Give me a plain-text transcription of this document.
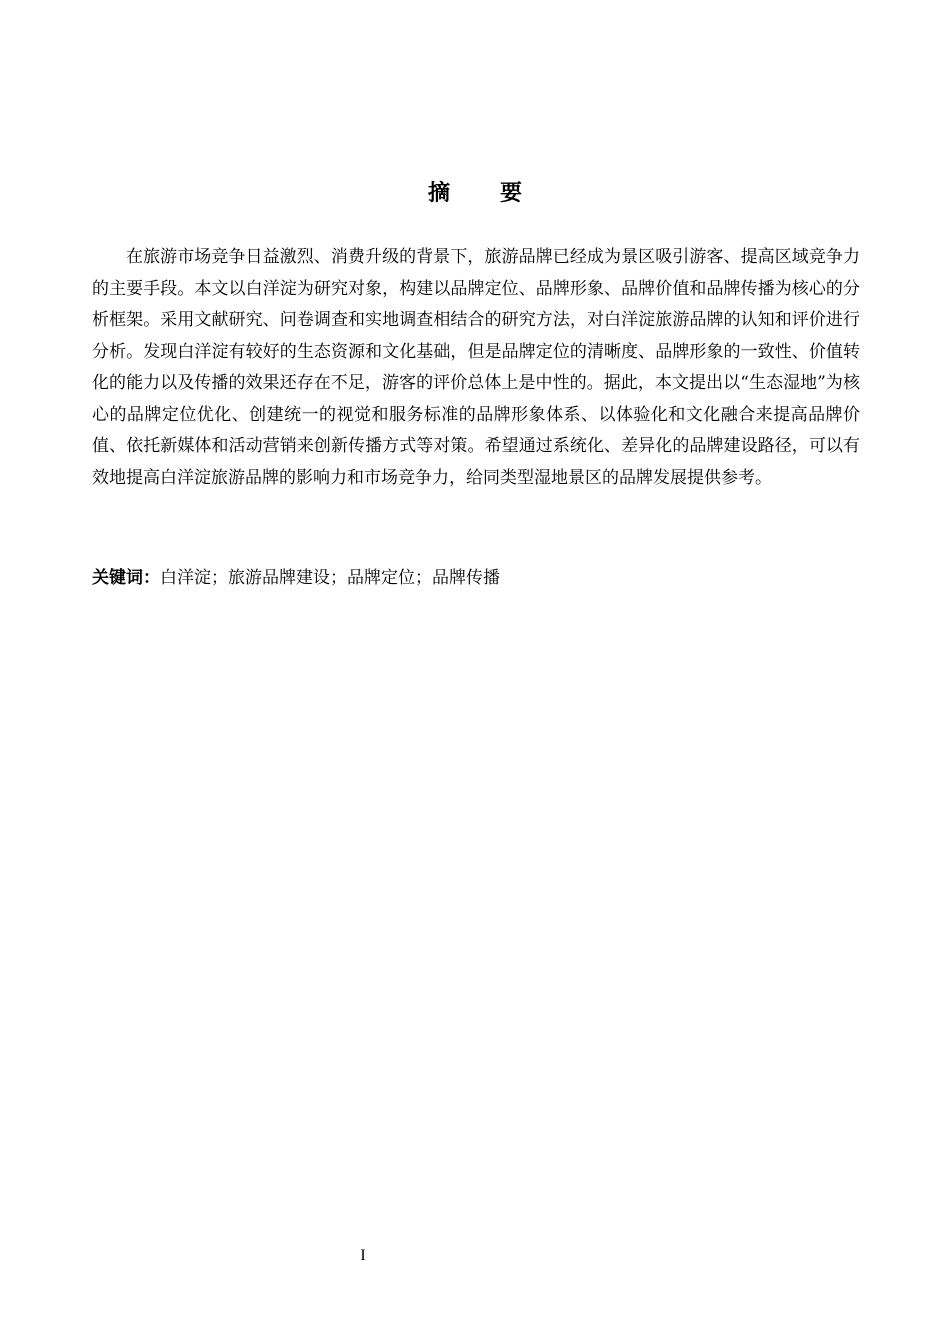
摘 要

在旅游市场竞争日益激烈、消费升级的背景下，旅游品牌已经成为景区吸引游客、提高区域竞争力的主要手段。本文以白洋淀为研究对象，构建以品牌定位、品牌形象、品牌价值和品牌传播为核心的分析框架。采用文献研究、问卷调查和实地调查相结合的研究方法，对白洋淀旅游品牌的认知和评价进行分析。发现白洋淀有较好的生态资源和文化基础，但是品牌定位的清晰度、品牌形象的一致性、价值转化的能力以及传播的效果还存在不足，游客的评价总体上是中性的。据此，本文提出以“生态湿地”为核心的品牌定位优化、创建统一的视觉和服务标准的品牌形象体系、以体验化和文化融合来提高品牌价值、依托新媒体和活动营销来创新传播方式等对策。希望通过系统化、差异化的品牌建设路径，可以有效地提高白洋淀旅游品牌的影响力和市场竞争力，给同类型湿地景区的品牌发展提供参考。

关键词：白洋淀；旅游品牌建设；品牌定位；品牌传播

I
